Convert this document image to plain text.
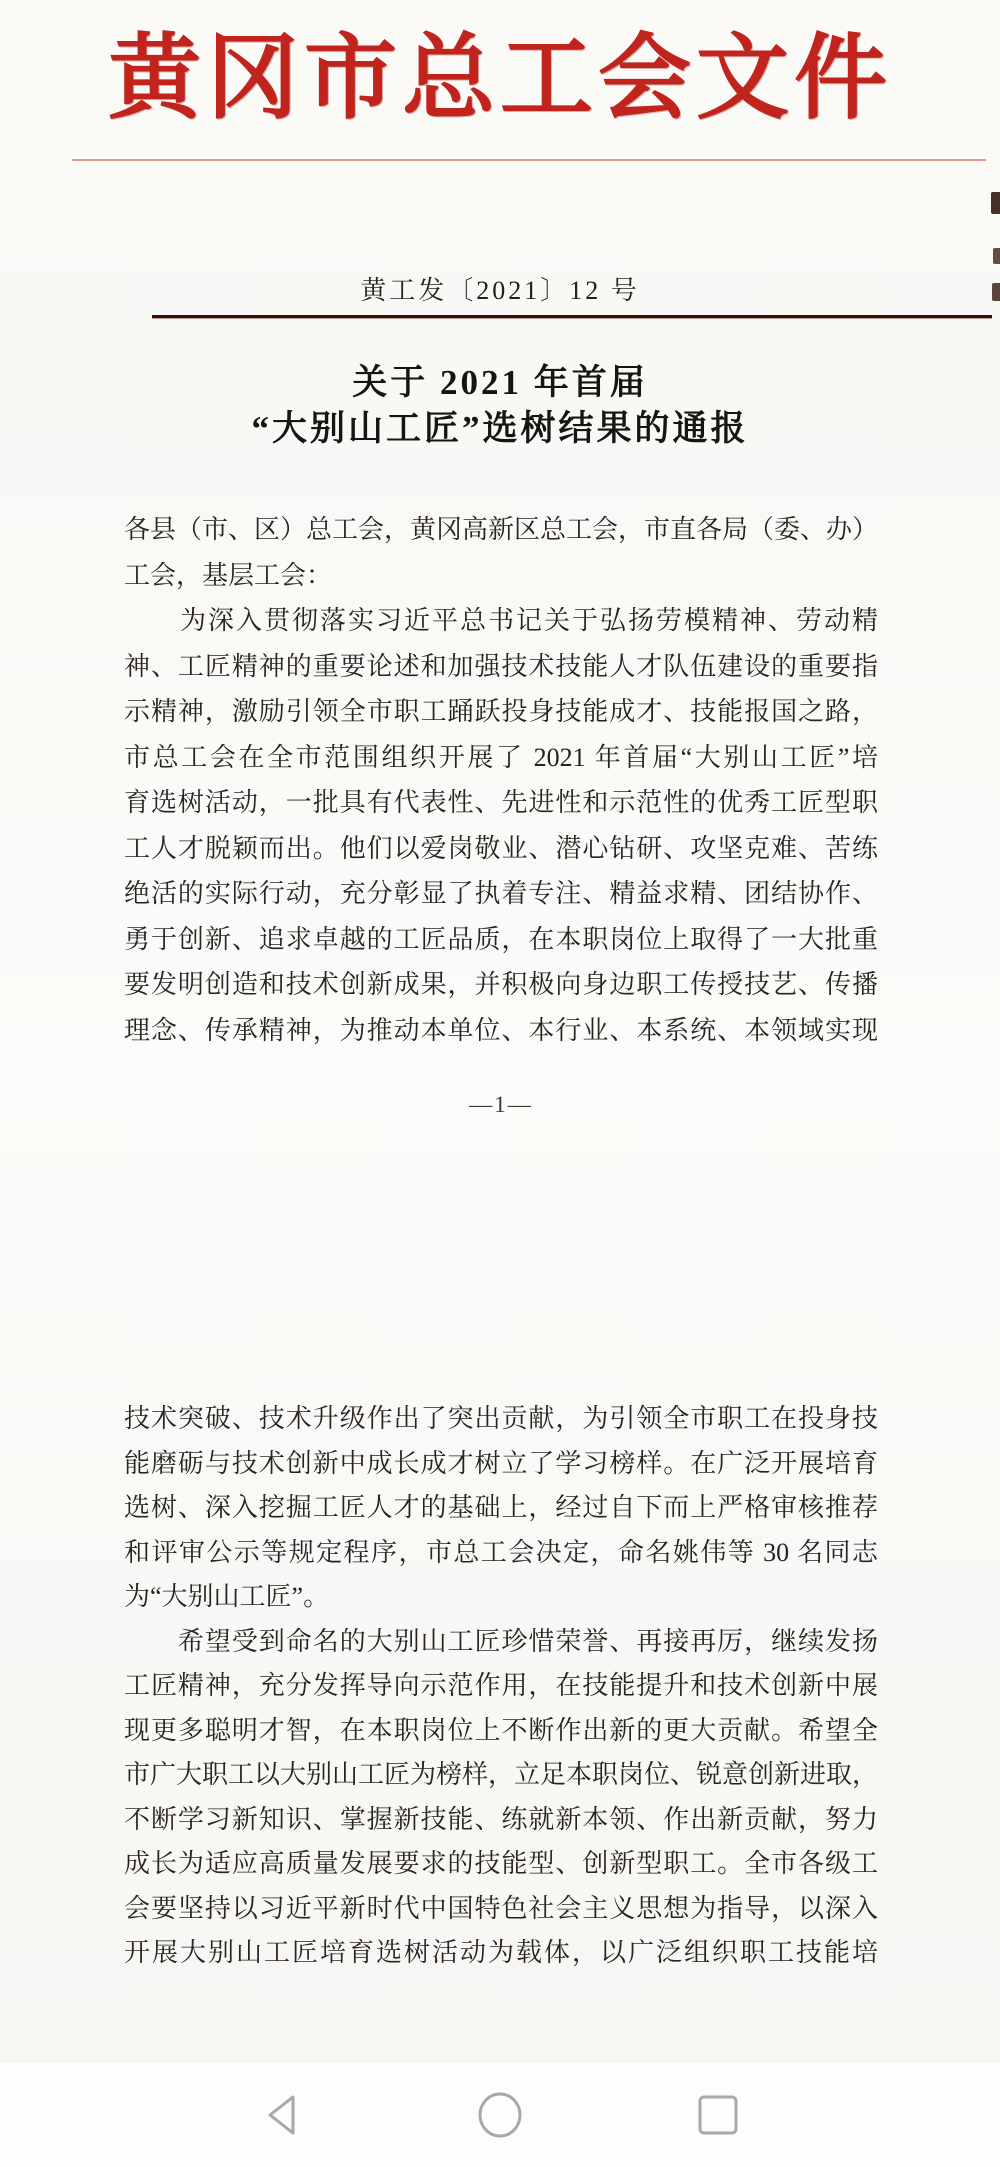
黄冈市总工会文件
黄工发〔2021〕12 号
关于 2021 年首届
“大别山工匠”选树结果的通报
各县（市、区）总工会，黄冈高新区总工会，市直各局（委、办）
工会，基层工会：
　　为深入贯彻落实习近平总书记关于弘扬劳模精神、劳动精
神、工匠精神的重要论述和加强技术技能人才队伍建设的重要指
示精神，激励引领全市职工踊跃投身技能成才、技能报国之路，
市总工会在全市范围组织开展了 2021 年首届“大别山工匠”培
育选树活动，一批具有代表性、先进性和示范性的优秀工匠型职
工人才脱颖而出。他们以爱岗敬业、潜心钻研、攻坚克难、苦练
绝活的实际行动，充分彰显了执着专注、精益求精、团结协作、
勇于创新、追求卓越的工匠品质，在本职岗位上取得了一大批重
要发明创造和技术创新成果，并积极向身边职工传授技艺、传播
理念、传承精神，为推动本单位、本行业、本系统、本领域实现
—1—
技术突破、技术升级作出了突出贡献，为引领全市职工在投身技
能磨砺与技术创新中成长成才树立了学习榜样。在广泛开展培育
选树、深入挖掘工匠人才的基础上，经过自下而上严格审核推荐
和评审公示等规定程序，市总工会决定，命名姚伟等 30 名同志
为“大别山工匠”。
　　希望受到命名的大别山工匠珍惜荣誉、再接再厉，继续发扬
工匠精神，充分发挥导向示范作用，在技能提升和技术创新中展
现更多聪明才智，在本职岗位上不断作出新的更大贡献。希望全
市广大职工以大别山工匠为榜样，立足本职岗位、锐意创新进取，
不断学习新知识、掌握新技能、练就新本领、作出新贡献，努力
成长为适应高质量发展要求的技能型、创新型职工。全市各级工
会要坚持以习近平新时代中国特色社会主义思想为指导，以深入
开展大别山工匠培育选树活动为载体，以广泛组织职工技能培
